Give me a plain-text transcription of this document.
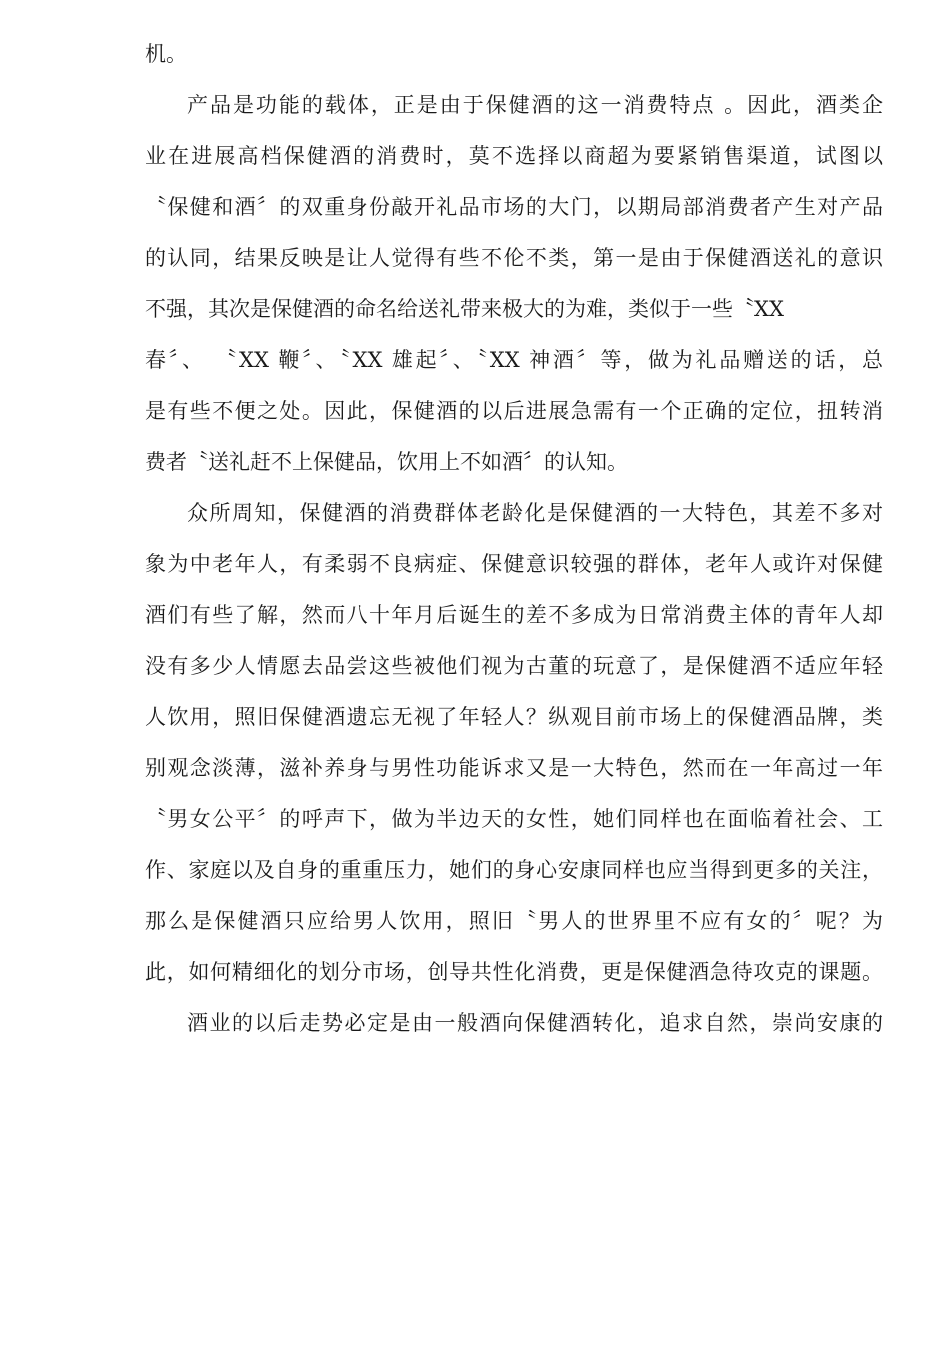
机。
产品是功能的载体，正是由于保健酒的这一消费特点 。因此，酒类企
业在进展高档保健酒的消费时，莫不选择以商超为要紧销售渠道，试图以
〝保健和酒〞的双重身份敲开礼品市场的大门，以期局部消费者产生对产品
的认同，结果反映是让人觉得有些不伦不类，第一是由于保健酒送礼的意识
不强，其次是保健酒的命名给送礼带来极大的为难，类似于一些〝XX
春〞、 〝XX 鞭〞、〝XX 雄起〞、〝XX 神酒〞等，做为礼品赠送的话，总
是有些不便之处。因此，保健酒的以后进展急需有一个正确的定位，扭转消
费者〝送礼赶不上保健品，饮用上不如酒〞的认知。
众所周知，保健酒的消费群体老龄化是保健酒的一大特色，其差不多对
象为中老年人，有柔弱不良病症、保健意识较强的群体，老年人或许对保健
酒们有些了解，然而八十年月后诞生的差不多成为日常消费主体的青年人却
没有多少人情愿去品尝这些被他们视为古董的玩意了，是保健酒不适应年轻
人饮用，照旧保健酒遗忘无视了年轻人？纵观目前市场上的保健酒品牌，类
别观念淡薄，滋补养身与男性功能诉求又是一大特色，然而在一年高过一年
〝男女公平〞的呼声下，做为半边天的女性，她们同样也在面临着社会、工
作、家庭以及自身的重重压力，她们的身心安康同样也应当得到更多的关注，
那么是保健酒只应给男人饮用，照旧〝男人的世界里不应有女的〞呢？为
此，如何精细化的划分市场，创导共性化消费，更是保健酒急待攻克的课题。
酒业的以后走势必定是由一般酒向保健酒转化，追求自然，崇尚安康的
